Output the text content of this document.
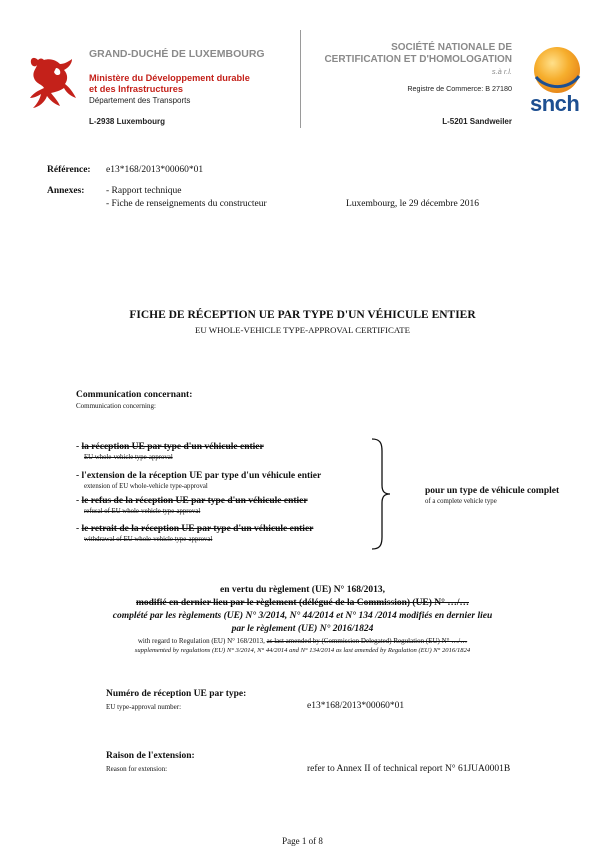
GRAND-DUCHÉ DE LUXEMBOURG
Ministère du Développement durable
et des Infrastructures
Département des Transports
L-2938 Luxembourg
SOCIÉTÉ NATIONALE DE
CERTIFICATION ET D'HOMOLOGATION
s.à r.l.
Registre de Commerce: B 27180
L-5201 Sandweiler
snch
Référence: e13*168/2013*00060*01
Annexes: - Rapport technique
- Fiche de renseignements du constructeur	Luxembourg, le 29 décembre 2016
FICHE DE RÉCEPTION UE PAR TYPE D'UN VÉHICULE ENTIER
EU WHOLE-VEHICLE TYPE-APPROVAL CERTIFICATE
Communication concernant:
Communication concerning:
- la réception UE par type d'un véhicule entier
EU whole-vehicle type-approval
- l'extension de la réception UE par type d'un véhicule entier
extension of EU whole-vehicle type-approval
- le refus de la réception UE par type d'un véhicule entier
refusal of EU whole-vehicle type-approval
- le retrait de la réception UE par type d'un véhicule entier
withdrawal of EU whole-vehicle type-approval
pour un type de véhicule complet
of a complete vehicle type
en vertu du règlement (UE) N° 168/2013,
modifié en dernier lieu par le règlement (délégué de la Commission) (UE) N° …/…
complété par les règlements (UE) N° 3/2014, N° 44/2014 et N° 134 /2014 modifiés en dernier lieu
par le règlement (UE) N° 2016/1824
with regard to Regulation (EU) N° 168/2013, as last amended by (Commission Delegated) Regulation (EU) N° …/…
supplemented by regulations (EU) N° 3/2014, N° 44/2014 and N° 134/2014 as last amended by Regulation (EU) N° 2016/1824
Numéro de réception UE par type:
EU type-approval number:	e13*168/2013*00060*01
Raison de l'extension:
Reason for extension:	refer to Annex II of technical report N° 61JUA0001B
Page 1 of 8
